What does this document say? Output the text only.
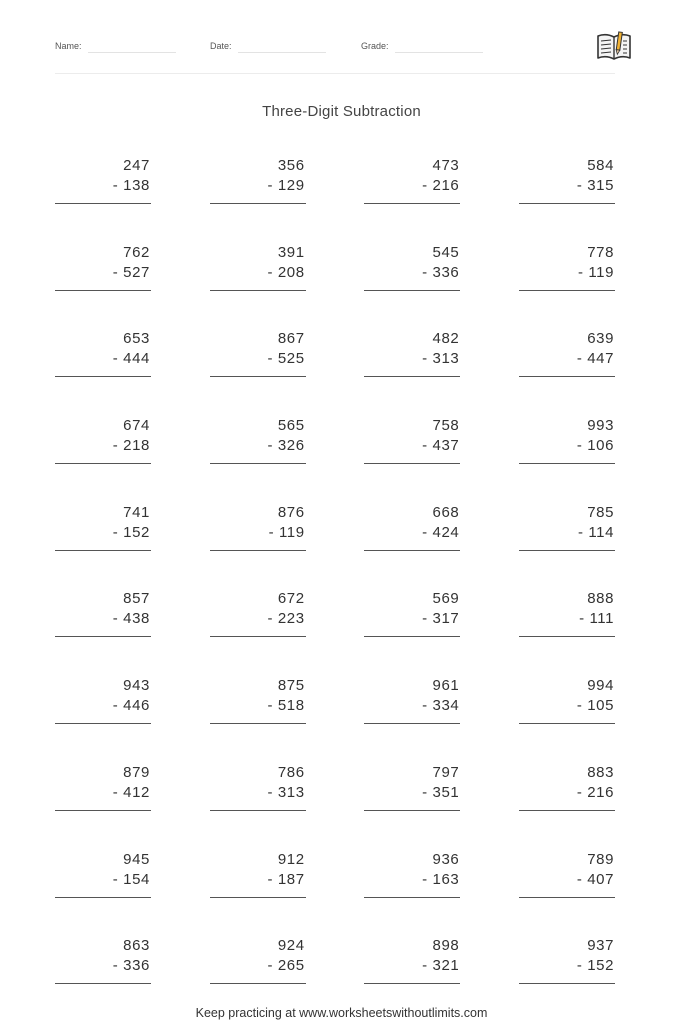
Name:	Date:	Grade:
Three-Digit Subtraction
247
- 138
356
- 129
473
- 216
584
- 315
762
- 527
391
- 208
545
- 336
778
- 119
653
- 444
867
- 525
482
- 313
639
- 447
674
- 218
565
- 326
758
- 437
993
- 106
741
- 152
876
- 119
668
- 424
785
- 114
857
- 438
672
- 223
569
- 317
888
- 111
943
- 446
875
- 518
961
- 334
994
- 105
879
- 412
786
- 313
797
- 351
883
- 216
945
- 154
912
- 187
936
- 163
789
- 407
863
- 336
924
- 265
898
- 321
937
- 152
Keep practicing at www.worksheetswithoutlimits.com
